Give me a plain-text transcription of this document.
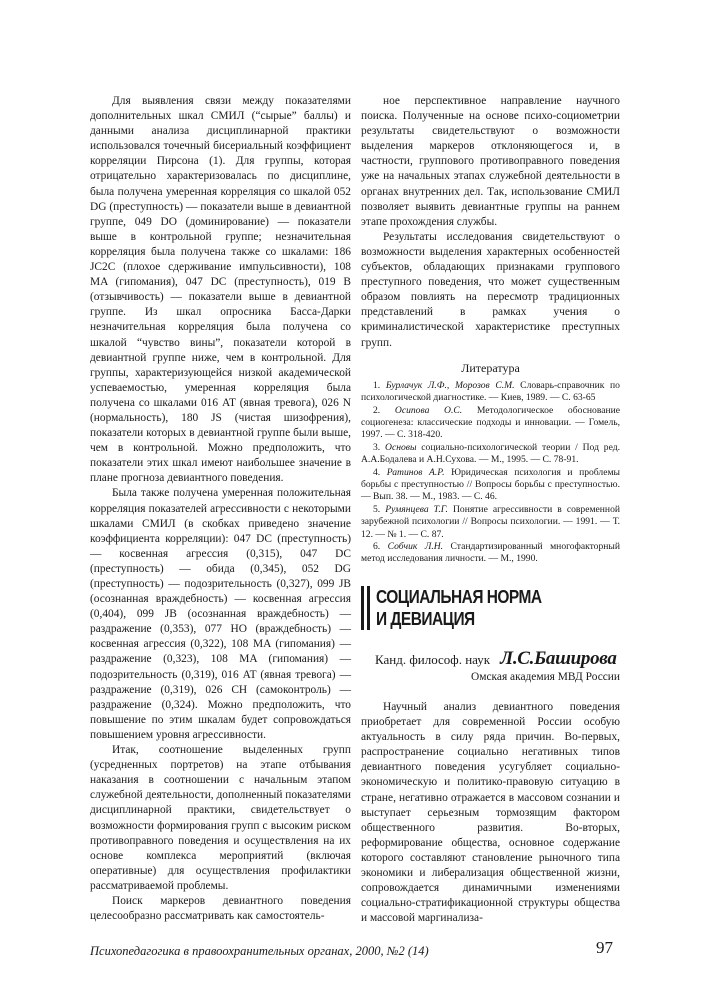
Для выявления связи между показателями дополнительных шкал СМИЛ (“сырые” баллы) и данными анализа дисциплинарной практики использовался точечный бисериальный коэффициент корреляции Пирсона (1). Для группы, которая отрицательно характеризовалась по дисциплине, была получена умеренная корреляция со шкалой 052 DG (преступность) — показатели выше в девиантной группе, 049 DO (доминирование) — показатели выше в контрольной группе; незначительная корреляция была получена также со шкалами: 186 JC2C (плохое сдерживание импульсивности), 108 MA (гипомания), 047 DC (преступность), 019 B (отзывчивость) — показатели выше в девиантной группе. Из шкал опросника Басса-Дарки незначительная корреляция была получена со шкалой “чувство вины”, показатели которой в девиантной группе ниже, чем в контрольной. Для группы, характеризующейся низкой академической успеваемостью, умеренная корреляция была получена со шкалами 016 AT (явная тревога), 026 N (нормальность), 180 JS (чистая шизофрения), показатели которых в девиантной группе были выше, чем в контрольной. Можно предположить, что показатели этих шкал имеют наибольшее значение в плане прогноза девиантного поведения.

Была также получена умеренная положительная корреляция показателей агрессивности с некоторыми шкалами СМИЛ (в скобках приведено значение коэффициента корреляции): 047 DC (преступность) — косвенная агрессия (0,315), 047 DC (преступность) — обида (0,345), 052 DG (преступность) — подозрительность (0,327), 099 JB (осознанная враждебность) — косвенная агрессия (0,404), 099 JB (осознанная враждебность) — раздражение (0,353), 077 HO (враждебность) — косвенная агрессия (0,322), 108 MA (гипомания) — раздражение (0,323), 108 MA (гипомания) — подозрительность (0,319), 016 AT (явная тревога) — раздражение (0,319), 026 CH (самоконтроль) — раздражение (0,324). Можно предположить, что повышение по этим шкалам будет сопровождаться повышением уровня агрессивности.

Итак, соотношение выделенных групп (усредненных портретов) на этапе отбывания наказания в соотношении с начальным этапом служебной деятельности, дополненный показателями дисциплинарной практики, свидетельствует о возможности формирования групп с высоким риском противоправного поведения и осуществления на их основе комплекса мероприятий (включая оперативные) для осуществления профилактики рассматриваемой проблемы.

Поиск маркеров девиантного поведения целесообразно рассматривать как самостоятель-

ное перспективное направление научного поиска. Полученные на основе психо-социометрии результаты свидетельствуют о возможности выделения маркеров отклоняющегося и, в частности, группового противоправного поведения уже на начальных этапах служебной деятельности в органах внутренних дел. Так, использование СМИЛ позволяет выявить девиантные группы на раннем этапе прохождения службы.

Результаты исследования свидетельствуют о возможности выделения характерных особенностей субъектов, обладающих признаками группового преступного поведения, что может существенным образом повлиять на пересмотр традиционных представлений в рамках учения о криминалистической характеристике преступных групп.

Литература

1. Бурлачук Л.Ф., Морозов С.М. Словарь-справочник по психологической диагностике. — Киев, 1989. — С. 63-65

2. Осипова О.С. Методологическое обоснование социогенеза: классические подходы и инновации. — Гомель, 1997. — С. 318-420.

3. Основы социально-психологической теории / Под ред. А.А.Бодалева и А.Н.Сухова. — М., 1995. — С. 78-91.

4. Ратинов А.Р. Юридическая психология и проблемы борьбы с преступностью // Вопросы борьбы с преступностью. — Вып. 38. — М., 1983. — С. 46.

5. Румянцева Т.Г. Понятие агрессивности в современной зарубежной психологии // Вопросы психологии. — 1991. — Т. 12. — № 1. — С. 87.

6. Собчик Л.Н. Стандартизированный многофакторный метод исследования личности. — М., 1990.

СОЦИАЛЬНАЯ НОРМА
И ДЕВИАЦИЯ
Канд. философ. наук Л.С.Баширова
Омская академия МВД России

Научный анализ девиантного поведения приобретает для современной России особую актуальность в силу ряда причин. Во-первых, распространение социально негативных типов девиантного поведения усугубляет социально-экономическую и политико-правовую ситуацию в стране, негативно отражается в массовом сознании и выступает серьезным тормозящим фактором общественного развития. Во-вторых, реформирование общества, основное содержание которого составляют становление рыночного типа экономики и либерализация общественной жизни, сопровождается динамичными изменениями социально-стратификационной структуры общества и массовой маргинализа-

Психопедагогика в правоохранительных органах, 2000, №2 (14)	97
